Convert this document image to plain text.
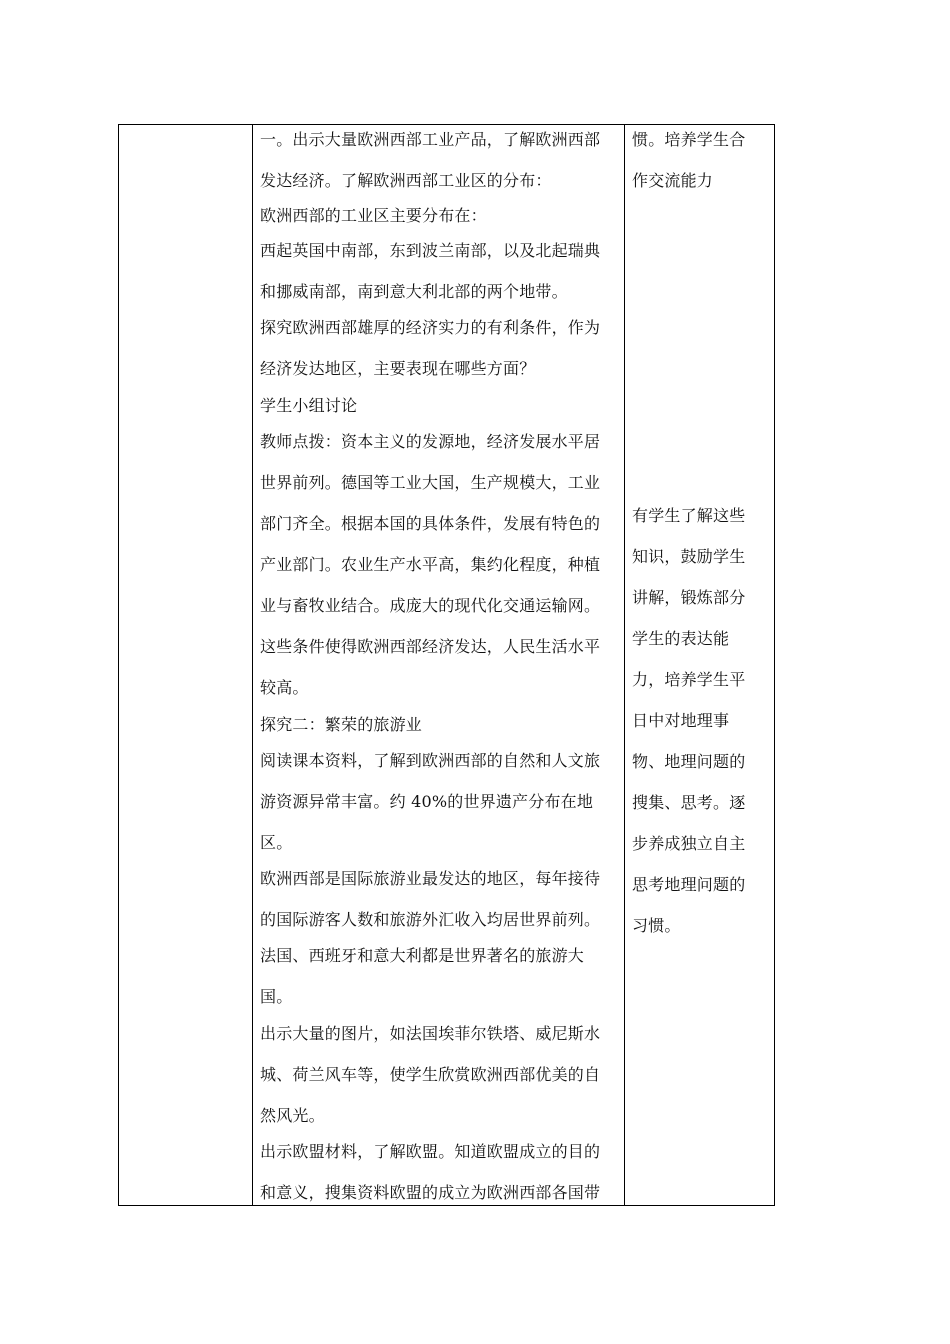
一。出示大量欧洲西部工业产品，了解欧洲西部
发达经济。了解欧洲西部工业区的分布：
欧洲西部的工业区主要分布在：
西起英国中南部，东到波兰南部，以及北起瑞典
和挪威南部，南到意大利北部的两个地带。
探究欧洲西部雄厚的经济实力的有利条件，作为
经济发达地区，主要表现在哪些方面？
学生小组讨论
教师点拨：资本主义的发源地，经济发展水平居
世界前列。德国等工业大国，生产规模大，工业
部门齐全。根据本国的具体条件，发展有特色的
产业部门。农业生产水平高，集约化程度，种植
业与畜牧业结合。成庞大的现代化交通运输网。
这些条件使得欧洲西部经济发达，人民生活水平
较高。
探究二：繁荣的旅游业
阅读课本资料，了解到欧洲西部的自然和人文旅
游资源异常丰富。约 40%的世界遗产分布在地
区。
欧洲西部是国际旅游业最发达的地区，每年接待
的国际游客人数和旅游外汇收入均居世界前列。
法国、西班牙和意大利都是世界著名的旅游大
国。
出示大量的图片，如法国埃菲尔铁塔、威尼斯水
城、荷兰风车等，使学生欣赏欧洲西部优美的自
然风光。
出示欧盟材料，了解欧盟。知道欧盟成立的目的
和意义，搜集资料欧盟的成立为欧洲西部各国带
惯。培养学生合
作交流能力
有学生了解这些
知识，鼓励学生
讲解，锻炼部分
学生的表达能
力，培养学生平
日中对地理事
物、地理问题的
搜集、思考。逐
步养成独立自主
思考地理问题的
习惯。
